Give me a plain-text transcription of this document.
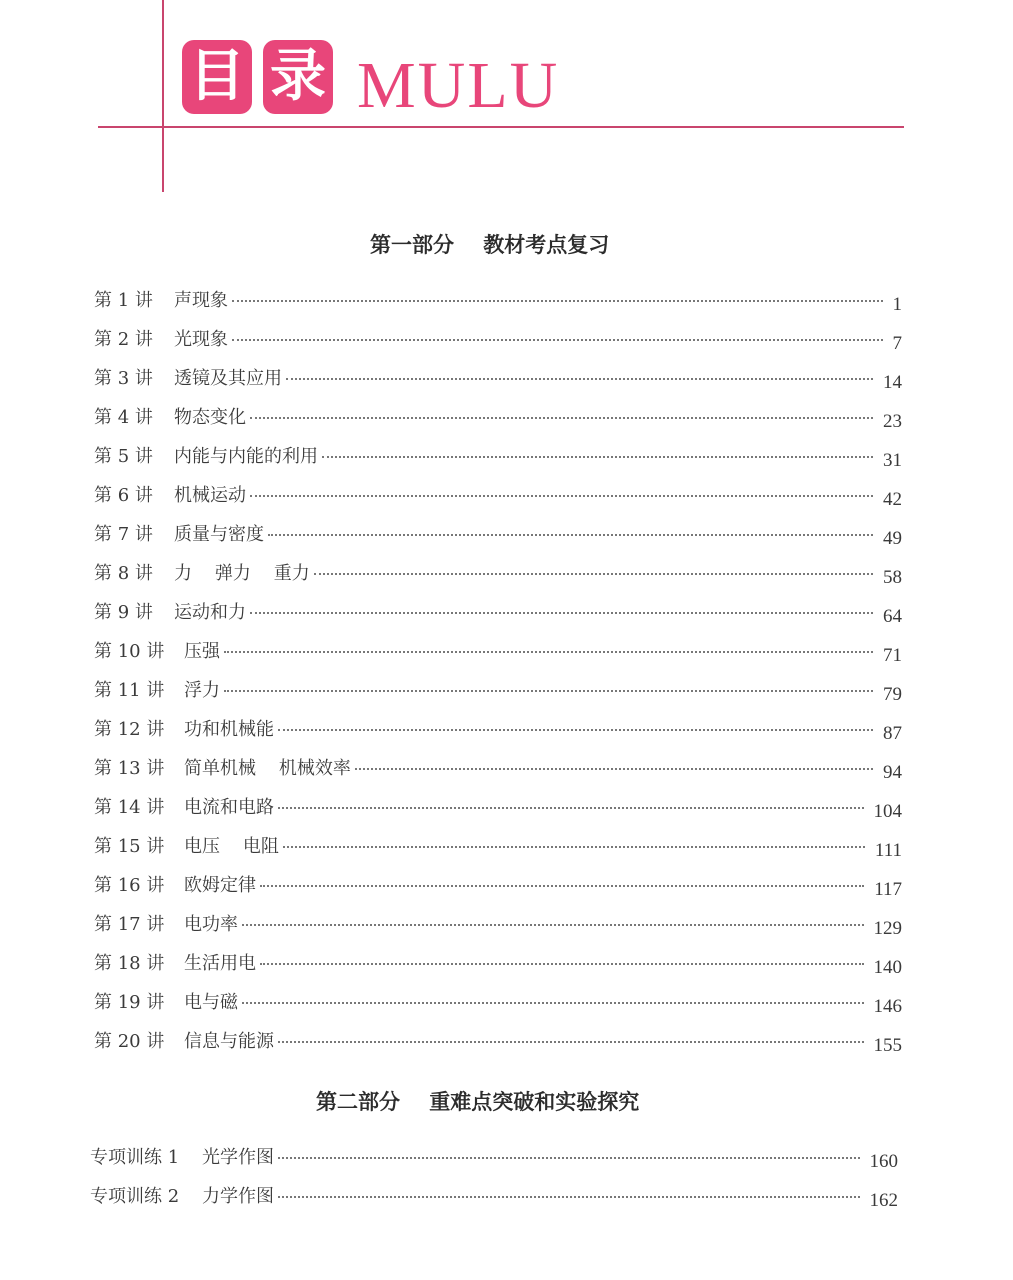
目 录 MULU
第一部分    教材考点复习
第 1 讲	声现象	1
第 2 讲	光现象	7
第 3 讲	透镜及其应用	14
第 4 讲	物态变化	23
第 5 讲	内能与内能的利用	31
第 6 讲	机械运动	42
第 7 讲	质量与密度	49
第 8 讲	力    弹力    重力	58
第 9 讲	运动和力	64
第 10 讲	压强	71
第 11 讲	浮力	79
第 12 讲	功和机械能	87
第 13 讲	简单机械    机械效率	94
第 14 讲	电流和电路	104
第 15 讲	电压    电阻	111
第 16 讲	欧姆定律	117
第 17 讲	电功率	129
第 18 讲	生活用电	140
第 19 讲	电与磁	146
第 20 讲	信息与能源	155
第二部分    重难点突破和实验探究
专项训练 1	光学作图	160
专项训练 2	力学作图	162
